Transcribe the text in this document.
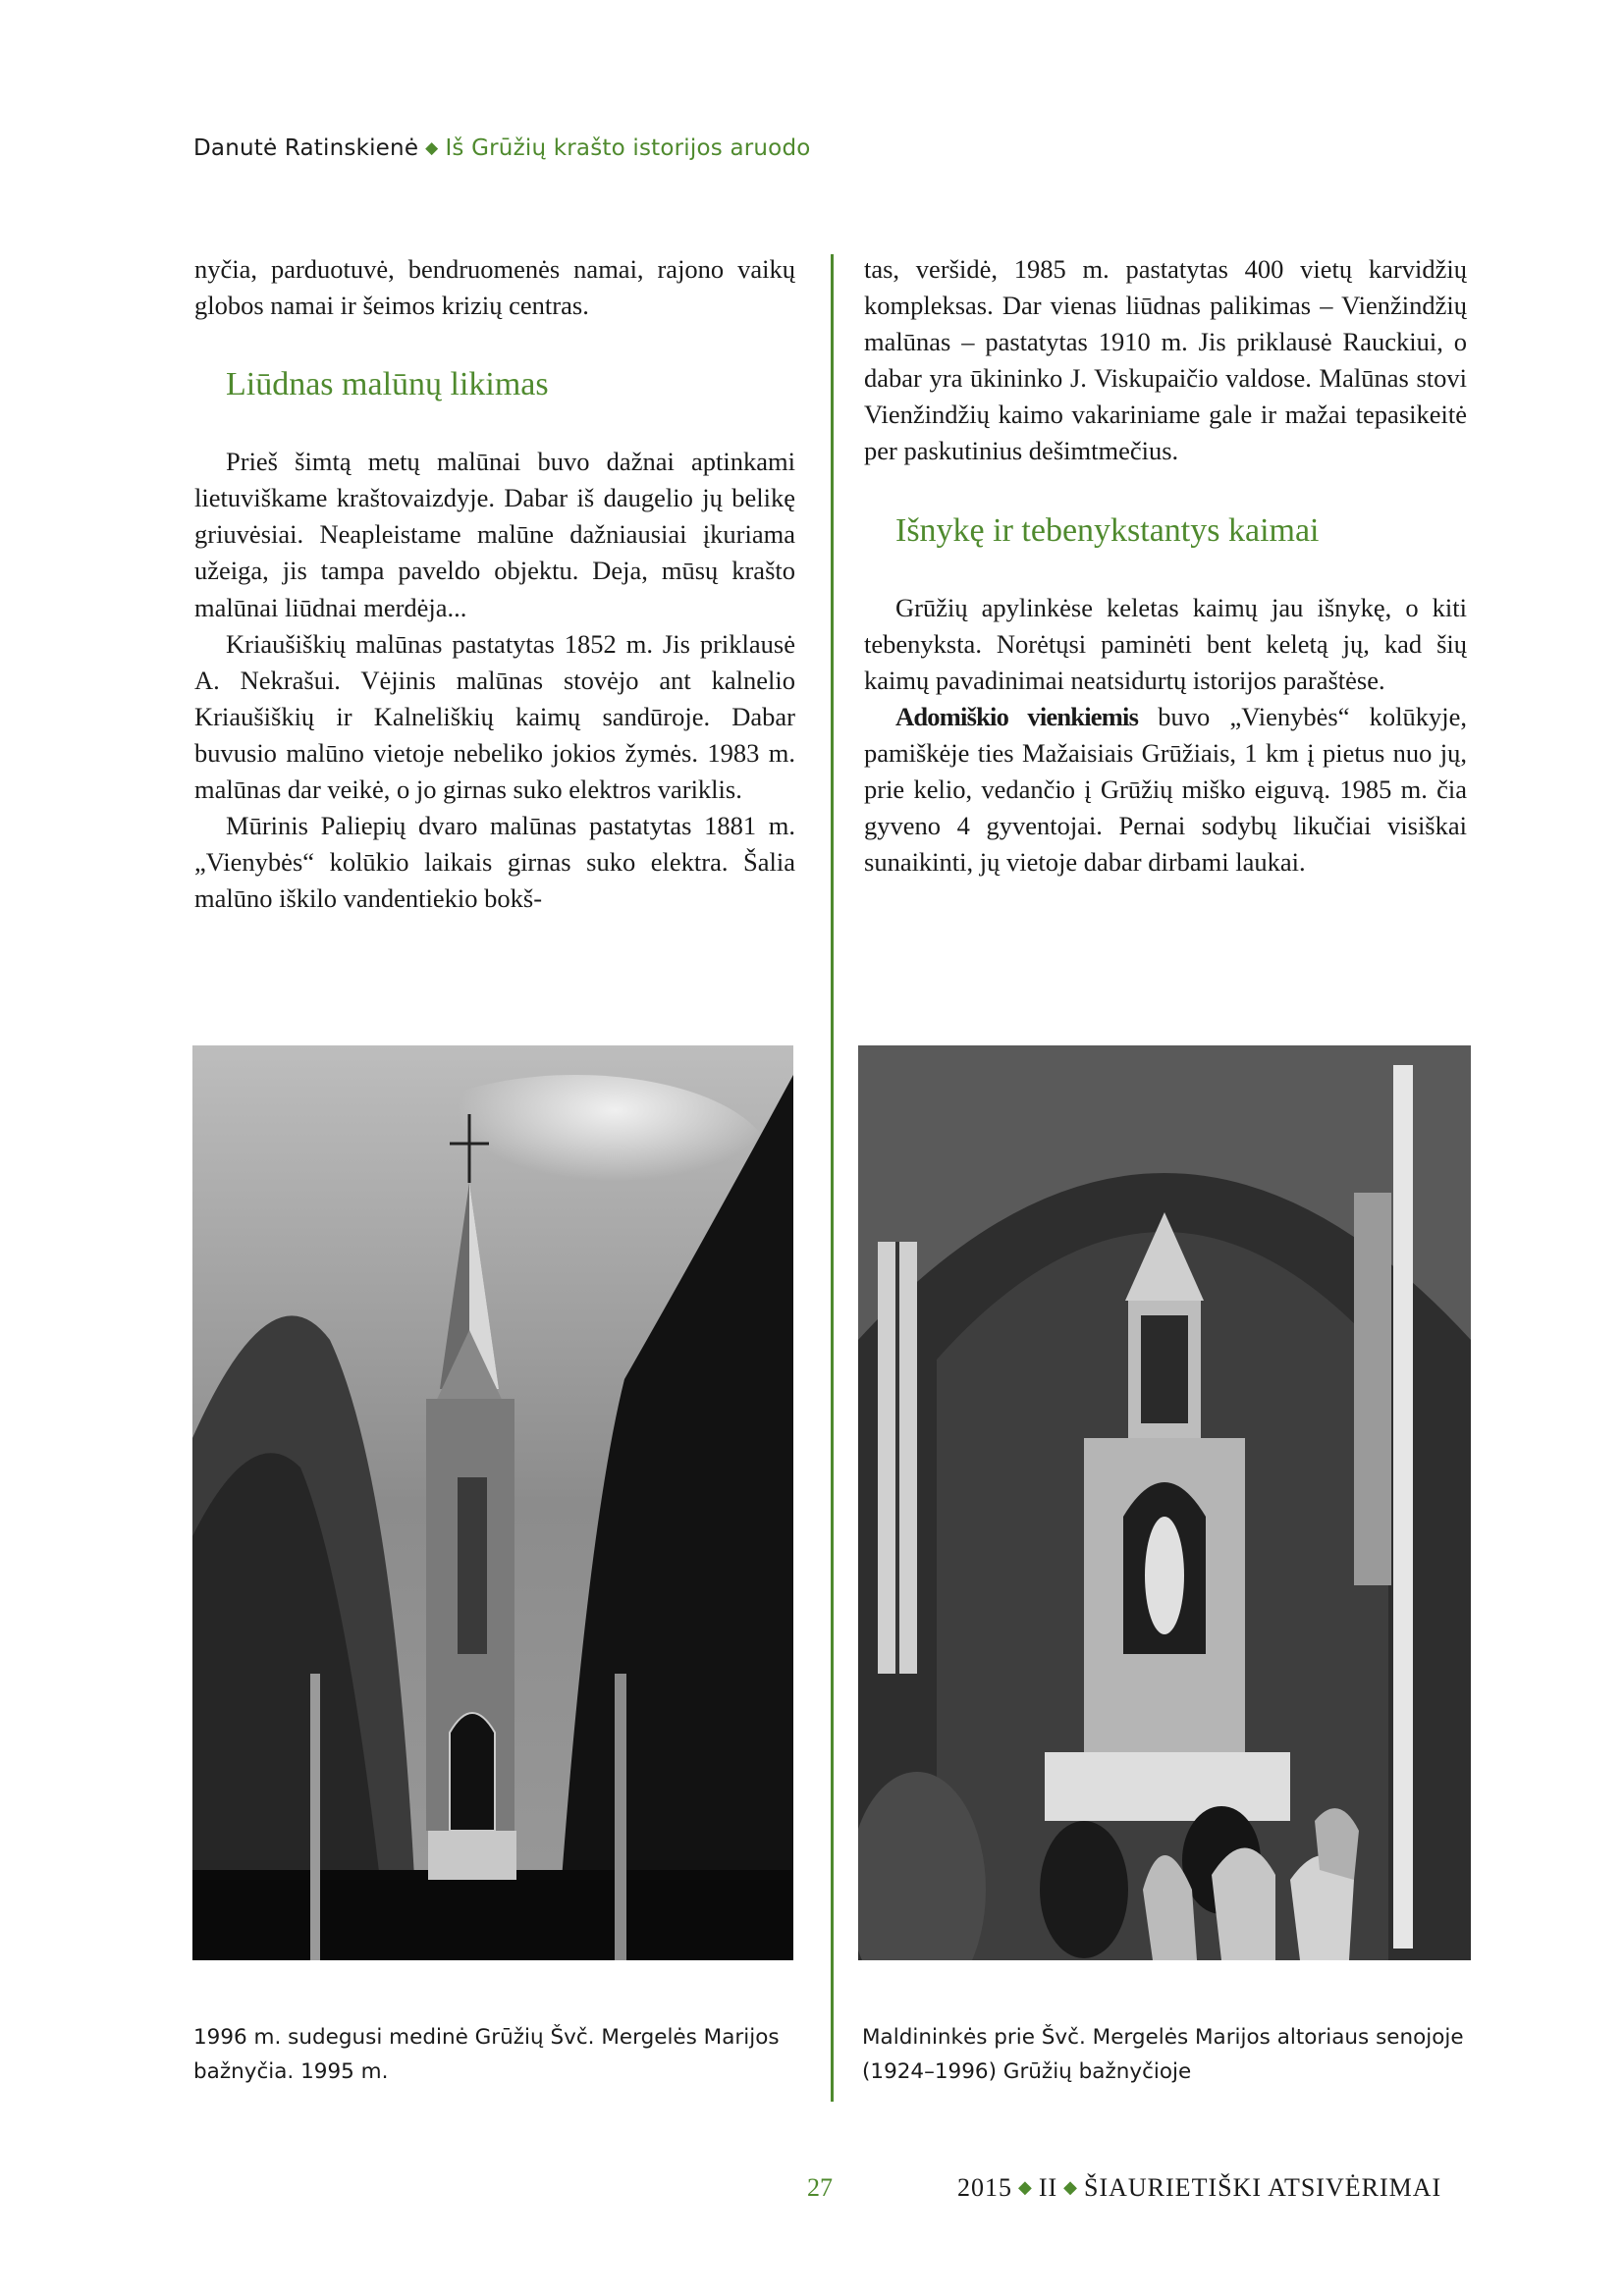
Danutė Ratinskienė ◆ Iš Grūžių krašto istorijos aruodo

nyčia, parduotuvė, bendruomenės namai, rajono vaikų globos namai ir šeimos krizių centras.

Liūdnas malūnų likimas

Prieš šimtą metų malūnai buvo dažnai aptinkami lietuviškame kraštovaizdyje. Dabar iš daugelio jų belikę griuvėsiai. Neapleistame malūne dažniausiai įkuriama užeiga, jis tampa paveldo objektu. Deja, mūsų krašto malūnai liūdnai merdėja...

Kriaušiškių malūnas pastatytas 1852 m. Jis priklausė A. Nekrašui. Vėjinis malūnas stovėjo ant kalnelio Kriaušiškių ir Kalneliškių kaimų sandūroje. Dabar buvusio malūno vietoje nebeliko jokios žymės. 1983 m. malūnas dar veikė, o jo girnas suko elektros variklis.

Mūrinis Paliepių dvaro malūnas pastatytas 1881 m. „Vienybės“ kolūkio laikais girnas suko elektra. Šalia malūno iškilo vandentiekio bokš-

tas, veršidė, 1985 m. pastatytas 400 vietų karvidžių kompleksas. Dar vienas liūdnas palikimas – Vienžindžių malūnas – pastatytas 1910 m. Jis priklausė Rauckiui, o dabar yra ūkininko J. Viskupaičio valdose. Malūnas stovi Vienžindžių kaimo vakariniame gale ir mažai tepasikeitė per paskutinius dešimtmečius.

Išnykę ir tebenykstantys kaimai

Grūžių apylinkėse keletas kaimų jau išnykę, o kiti tebenyksta. Norėtųsi paminėti bent keletą jų, kad šių kaimų pavadinimai neatsidurtų istorijos paraštėse.

Adomiškio vienkiemis buvo „Vienybės“ kolūkyje, pamiškėje ties Mažaisiais Grūžiais, 1 km į pietus nuo jų, prie kelio, vedančio į Grūžių miško eiguvą. 1985 m. čia gyveno 4 gyventojai. Pernai sodybų likučiai visiškai sunaikinti, jų vietoje dabar dirbami laukai.

1996 m. sudegusi medinė Grūžių Švč. Mergelės Marijos bažnyčia. 1995 m.
Maldininkės prie Švč. Mergelės Marijos altoriaus senojoje (1924–1996) Grūžių bažnyčioje
27	2015 ◆ II ◆ ŠIAURIETIŠKI ATSIVĖRIMAI
